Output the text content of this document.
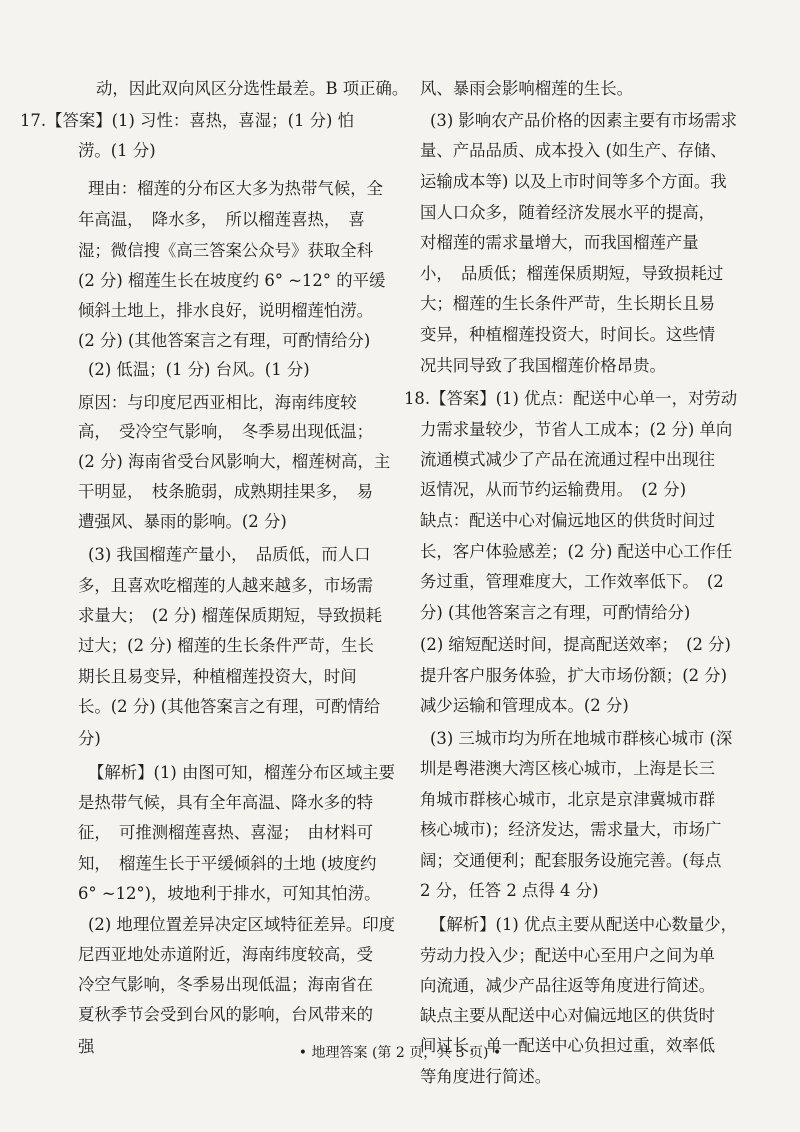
动，因此双向风区分选性最差。B 项正确。
17.【答案】(1) 习性：喜热，喜湿；(1 分) 怕
涝。(1 分)
理由：榴莲的分布区大多为热带气候，全
年高温，　降水多，　所以榴莲喜热，　喜
湿；微信搜《高三答案公众号》获取全科
(2 分) 榴莲生长在坡度约 6° ~12° 的平缓
倾斜土地上，排水良好，说明榴莲怕涝。
(2 分) (其他答案言之有理，可酌情给分)
(2) 低温；(1 分) 台风。(1 分)
原因：与印度尼西亚相比，海南纬度较
高，　受冷空气影响，　冬季易出现低温；
(2 分) 海南省受台风影响大，榴莲树高，主
干明显，　枝条脆弱，成熟期挂果多，　易
遭强风、暴雨的影响。(2 分)
(3) 我国榴莲产量小，　品质低，而人口
多，且喜欢吃榴莲的人越来越多，市场需
求量大；　(2 分) 榴莲保质期短，导致损耗
过大；(2 分) 榴莲的生长条件严苛，生长
期长且易变异，种植榴莲投资大，时间
长。(2 分) (其他答案言之有理，可酌情给
分)
【解析】(1) 由图可知，榴莲分布区域主要
是热带气候，具有全年高温、降水多的特
征，　可推测榴莲喜热、喜湿；　由材料可
知，　榴莲生长于平缓倾斜的土地 (坡度约
6° ~12°)，坡地利于排水，可知其怕涝。
(2) 地理位置差异决定区域特征差异。印度
尼西亚地处赤道附近，海南纬度较高，受
冷空气影响，冬季易出现低温；海南省在
夏秋季节会受到台风的影响，台风带来的
强
风、暴雨会影响榴莲的生长。
(3) 影响农产品价格的因素主要有市场需求
量、产品品质、成本投入 (如生产、存储、
运输成本等) 以及上市时间等多个方面。我
国人口众多，随着经济发展水平的提高，
对榴莲的需求量增大，而我国榴莲产量
小，　品质低；榴莲保质期短，导致损耗过
大；榴莲的生长条件严苛，生长期长且易
变异，种植榴莲投资大，时间长。这些情
况共同导致了我国榴莲价格昂贵。
18.【答案】(1) 优点：配送中心单一，对劳动
力需求量较少，节省人工成本；(2 分) 单向
流通模式减少了产品在流通过程中出现往
返情况，从而节约运输费用。　(2 分)
缺点：配送中心对偏远地区的供货时间过
长，客户体验感差；(2 分) 配送中心工作任
务过重，管理难度大，工作效率低下。　(2
分) (其他答案言之有理，可酌情给分)
(2) 缩短配送时间，提高配送效率；　(2 分)
提升客户服务体验，扩大市场份额；(2 分)
减少运输和管理成本。(2 分)
(3) 三城市均为所在地城市群核心城市 (深
圳是粤港澳大湾区核心城市，上海是长三
角城市群核心城市，北京是京津冀城市群
核心城市)；经济发达，需求量大，市场广
阔；交通便利；配套服务设施完善。(每点
2 分，任答 2 点得 4 分)
【解析】(1) 优点主要从配送中心数量少，
劳动力投入少；配送中心至用户之间为单
向流通，减少产品往返等角度进行简述。
缺点主要从配送中心对偏远地区的供货时
间过长，单一配送中心负担过重，效率低
等角度进行简述。
• 地理答案 (第 2 页，共 3 页) •
